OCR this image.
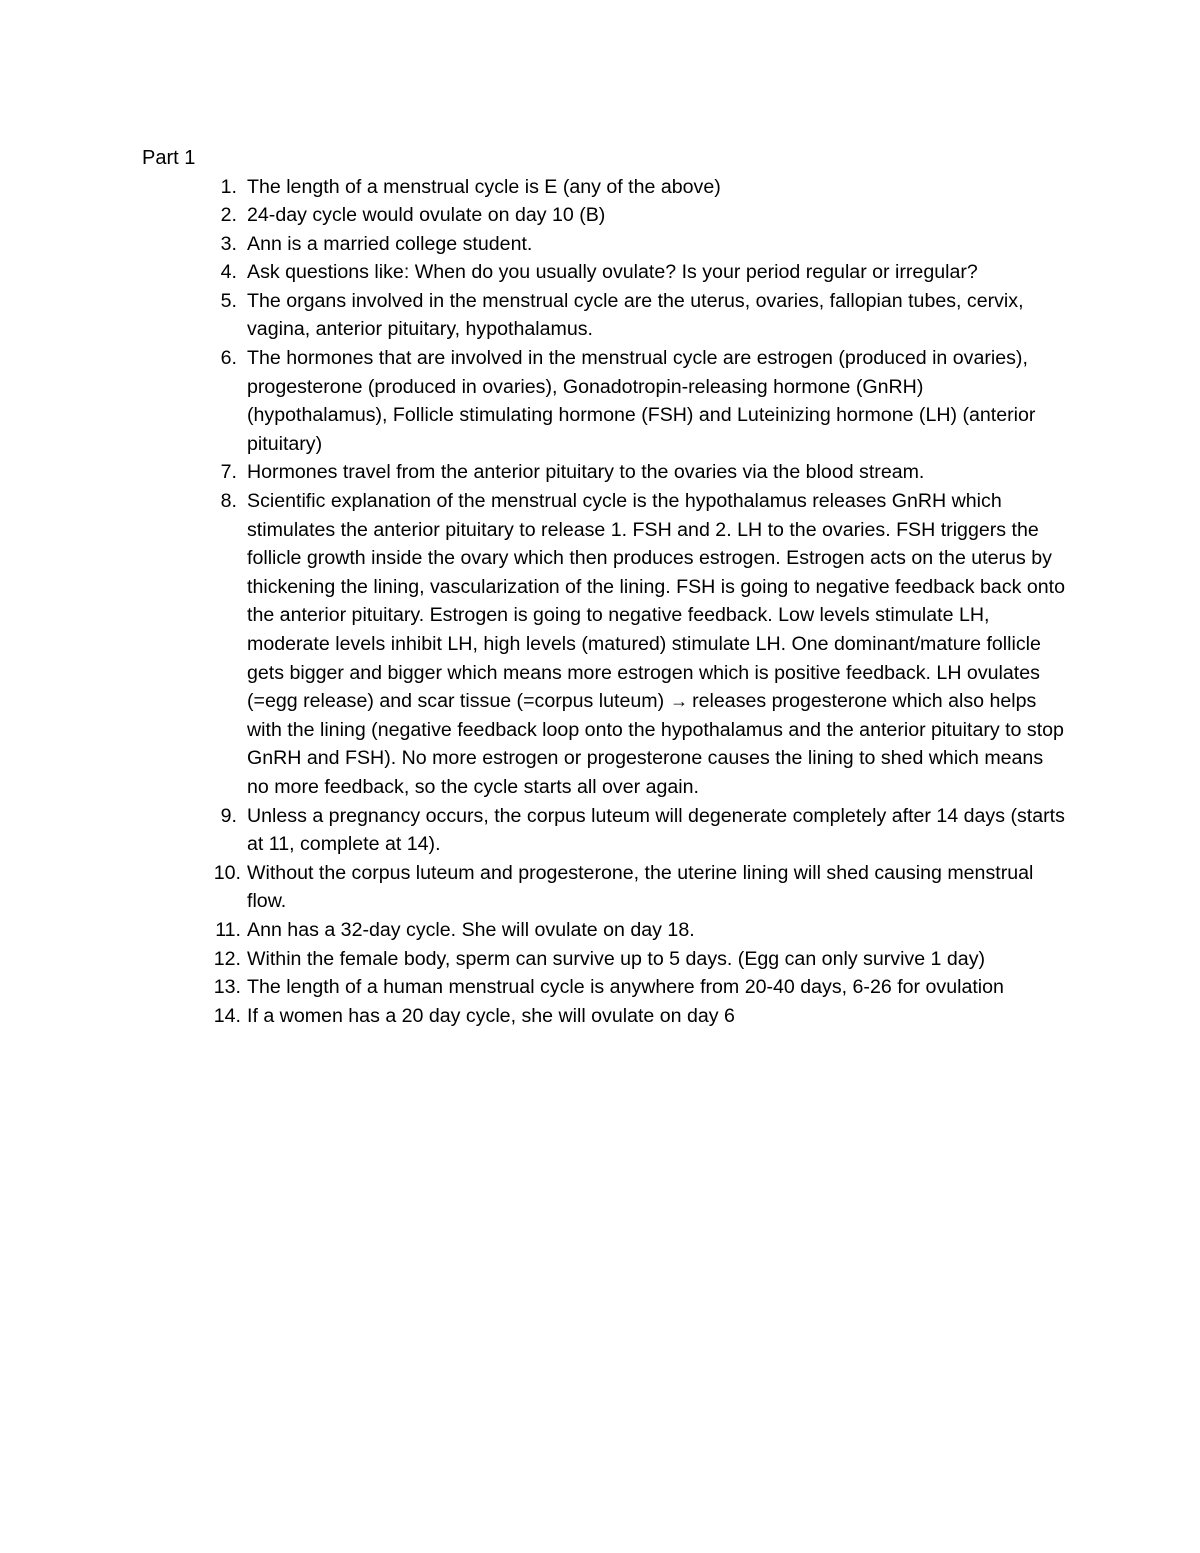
Part 1
1. The length of a menstrual cycle is E (any of the above)
2. 24-day cycle would ovulate on day 10 (B)
3. Ann is a married college student.
4. Ask questions like: When do you usually ovulate? Is your period regular or irregular?
5. The organs involved in the menstrual cycle are the uterus, ovaries, fallopian tubes, cervix, vagina, anterior pituitary, hypothalamus.
6. The hormones that are involved in the menstrual cycle are estrogen (produced in ovaries), progesterone (produced in ovaries), Gonadotropin-releasing hormone (GnRH) (hypothalamus), Follicle stimulating hormone (FSH) and Luteinizing hormone (LH) (anterior pituitary)
7. Hormones travel from the anterior pituitary to the ovaries via the blood stream.
8. Scientific explanation of the menstrual cycle is the hypothalamus releases GnRH which stimulates the anterior pituitary to release 1. FSH and 2. LH to the ovaries. FSH triggers the follicle growth inside the ovary which then produces estrogen. Estrogen acts on the uterus by thickening the lining, vascularization of the lining. FSH is going to negative feedback back onto the anterior pituitary. Estrogen is going to negative feedback. Low levels stimulate LH, moderate levels inhibit LH, high levels (matured) stimulate LH. One dominant/mature follicle gets bigger and bigger which means more estrogen which is positive feedback. LH ovulates (=egg release) and scar tissue (=corpus luteum) → releases progesterone which also helps with the lining (negative feedback loop onto the hypothalamus and the anterior pituitary to stop GnRH and FSH). No more estrogen or progesterone causes the lining to shed which means no more feedback, so the cycle starts all over again.
9. Unless a pregnancy occurs, the corpus luteum will degenerate completely after 14 days (starts at 11, complete at 14).
10. Without the corpus luteum and progesterone, the uterine lining will shed causing menstrual flow.
11. Ann has a 32-day cycle. She will ovulate on day 18.
12. Within the female body, sperm can survive up to 5 days. (Egg can only survive 1 day)
13. The length of a human menstrual cycle is anywhere from 20-40 days, 6-26 for ovulation
14. If a women has a 20 day cycle, she will ovulate on day 6
